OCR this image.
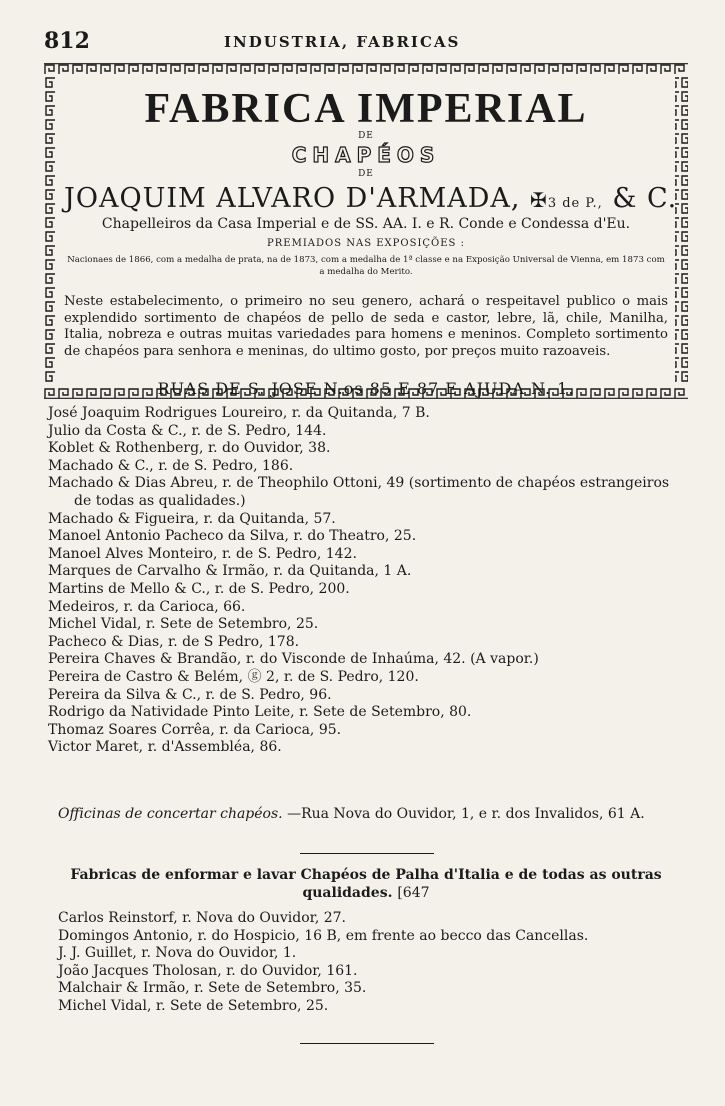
812	INDUSTRIA, FABRICAS
FABRICA IMPERIAL
DE
CHAPÉOS
DE
JOAQUIM ALVARO D'ARMADA, ✠3 de P., & C.
Chapelleiros da Casa Imperial e de SS. AA. I. e R. Conde e Condessa d'Eu.
PREMIADOS NAS EXPOSIÇÕES :
Nacionaes de 1866, com a medalha de prata, na de 1873, com a medalha de 1ª classe e na Exposição Universal de Vienna, em 1873 com a medalha do Merito.
Neste estabelecimento, o primeiro no seu genero, achará o respeitavel publico o mais explendido sortimento de chapéos de pello de seda e castor, lebre, lã, chile, Manilha, Italia, nobreza e outras muitas variedades para homens e meninos. Completo sortimento de chapéos para senhora e meninas, do ultimo gosto, por preços muito razoaveis.
RUAS DE S. JOSE N.os 85 E 87 E AJUDA N. 1.
José Joaquim Rodrigues Loureiro, r. da Quitanda, 7 B.
Julio da Costa & C., r. de S. Pedro, 144.
Koblet & Rothenberg, r. do Ouvidor, 38.
Machado & C., r. de S. Pedro, 186.
Machado & Dias Abreu, r. de Theophilo Ottoni, 49 (sortimento de chapéos estrangeiros de todas as qualidades.)
Machado & Figueira, r. da Quitanda, 57.
Manoel Antonio Pacheco da Silva, r. do Theatro, 25.
Manoel Alves Monteiro, r. de S. Pedro, 142.
Marques de Carvalho & Irmão, r. da Quitanda, 1 A.
Martins de Mello & C., r. de S. Pedro, 200.
Medeiros, r. da Carioca, 66.
Michel Vidal, r. Sete de Setembro, 25.
Pacheco & Dias, r. de S Pedro, 178.
Pereira Chaves & Brandão, r. do Visconde de Inhaúma, 42. (A vapor.)
Pereira de Castro & Belém, ⓖ 2, r. de S. Pedro, 120.
Pereira da Silva & C., r. de S. Pedro, 96.
Rodrigo da Natividade Pinto Leite, r. Sete de Setembro, 80.
Thomaz Soares Corrêa, r. da Carioca, 95.
Victor Maret, r. d'Assembléa, 86.
Officinas de concertar chapéos. —Rua Nova do Ouvidor, 1, e r. dos Invalidos, 61 A.
Fabricas de enformar e lavar Chapéos de Palha d'Italia e de todas as outras qualidades. [647
Carlos Reinstorf, r. Nova do Ouvidor, 27.
Domingos Antonio, r. do Hospicio, 16 B, em frente ao becco das Cancellas.
J. J. Guillet, r. Nova do Ouvidor, 1.
João Jacques Tholosan, r. do Ouvidor, 161.
Malchair & Irmão, r. Sete de Setembro, 35.
Michel Vidal, r. Sete de Setembro, 25.
